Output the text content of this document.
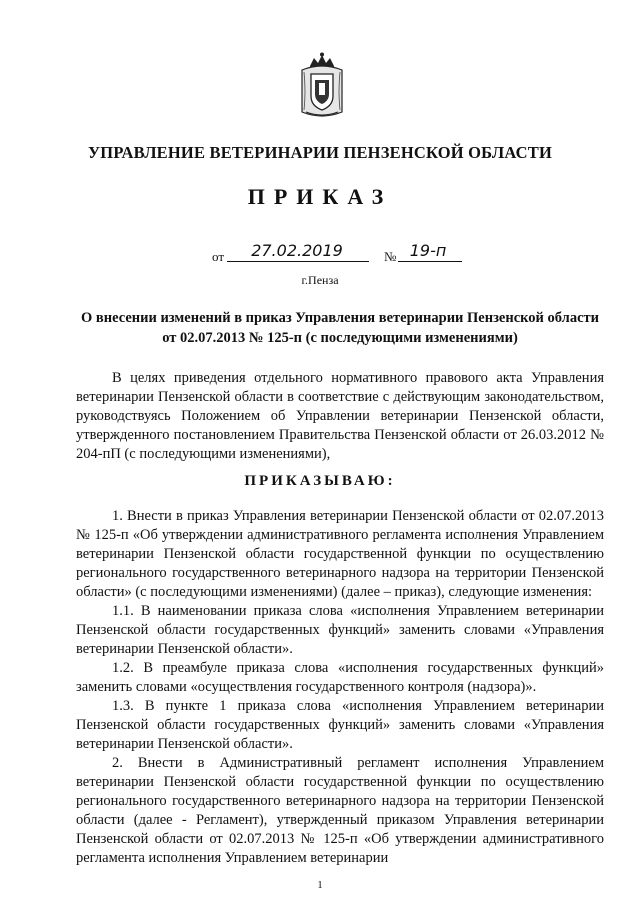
УПРАВЛЕНИЕ ВЕТЕРИНАРИИ ПЕНЗЕНСКОЙ ОБЛАСТИ
ПРИКАЗ
от	27.02.2019	№ 19-п
г.Пенза
О внесении изменений в приказ Управления ветеринарии Пензенской области от 02.07.2013 № 125-п (с последующими изменениями)

В целях приведения отдельного нормативного правового акта Управления ветеринарии Пензенской области в соответствие с действующим законодательством, руководствуясь Положением об Управлении ветеринарии Пензенской области, утвержденного постановлением Правительства Пензенской области от 26.03.2012 № 204-пП (с последующими изменениями),

ПРИКАЗЫВАЮ:

1. Внести в приказ Управления ветеринарии Пензенской области от 02.07.2013 № 125-п «Об утверждении административного регламента исполнения Управлением ветеринарии Пензенской области государственной функции по осуществлению регионального государственного ветеринарного надзора на территории Пензенской области» (с последующими изменениями) (далее – приказ), следующие изменения:

1.1. В наименовании приказа слова «исполнения Управлением ветеринарии Пензенской области государственных функций» заменить словами «Управления ветеринарии Пензенской области».

1.2. В преамбуле приказа слова «исполнения государственных функций» заменить словами «осуществления государственного контроля (надзора)».

1.3. В пункте 1 приказа слова «исполнения Управлением ветеринарии Пензенской области государственных функций» заменить словами «Управления ветеринарии Пензенской области».

2. Внести в Административный регламент исполнения Управлением ветеринарии Пензенской области государственной функции по осуществлению регионального государственного ветеринарного надзора на территории Пензенской области (далее - Регламент), утвержденный приказом Управления ветеринарии Пензенской области от 02.07.2013 № 125-п «Об утверждении административного регламента исполнения Управлением ветеринарии

1
